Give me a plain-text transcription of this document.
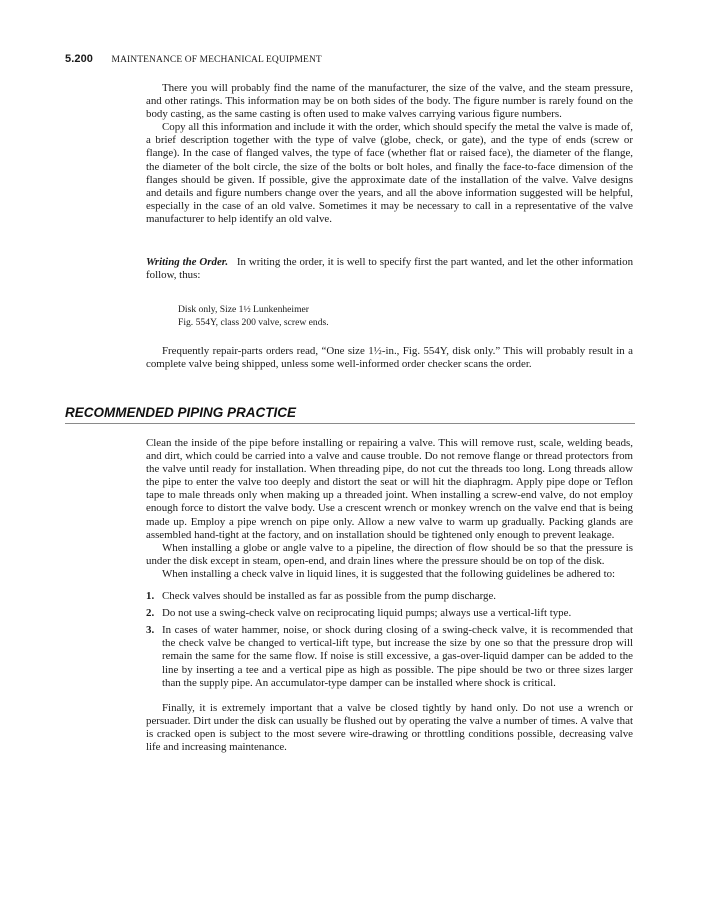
5.200 MAINTENANCE OF MECHANICAL EQUIPMENT

There you will probably find the name of the manufacturer, the size of the valve, and the steam pressure, and other ratings. This information may be on both sides of the body. The figure number is rarely found on the body casting, as the same casting is often used to make valves carrying various figure numbers.

Copy all this information and include it with the order, which should specify the metal the valve is made of, a brief description together with the type of valve (globe, check, or gate), and the type of ends (screw or flange). In the case of flanged valves, the type of face (whether flat or raised face), the diameter of the flange, the diameter of the bolt circle, the size of the bolts or bolt holes, and finally the face-to-face dimension of the flanges should be given. If possible, give the approximate date of the installation of the valve. Valve designs and details and figure numbers change over the years, and all the above information suggested will be helpful, especially in the case of an old valve. Sometimes it may be necessary to call in a representative of the valve manufacturer to help identify an old valve.

Writing the Order. In writing the order, it is well to specify first the part wanted, and let the other information follow, thus:

Disk only, Size 1½ Lunkenheimer
Fig. 554Y, class 200 valve, screw ends.

Frequently repair-parts orders read, “One size 1½-in., Fig. 554Y, disk only.” This will probably result in a complete valve being shipped, unless some well-informed order checker scans the order.

RECOMMENDED PIPING PRACTICE

Clean the inside of the pipe before installing or repairing a valve. This will remove rust, scale, welding beads, and dirt, which could be carried into a valve and cause trouble. Do not remove flange or thread protectors from the valve until ready for installation. When threading pipe, do not cut the threads too long. Long threads allow the pipe to enter the valve too deeply and distort the seat or will hit the diaphragm. Apply pipe dope or Teflon tape to male threads only when making up a threaded joint. When installing a screw-end valve, do not employ enough force to distort the valve body. Use a crescent wrench or monkey wrench on the valve end that is being made up. Employ a pipe wrench on pipe only. Allow a new valve to warm up gradually. Packing glands are assembled hand-tight at the factory, and on installation should be tightened only enough to prevent leakage.

When installing a globe or angle valve to a pipeline, the direction of flow should be so that the pressure is under the disk except in steam, open-end, and drain lines where the pressure should be on top of the disk.

When installing a check valve in liquid lines, it is suggested that the following guidelines be adhered to:

1. Check valves should be installed as far as possible from the pump discharge.
2. Do not use a swing-check valve on reciprocating liquid pumps; always use a vertical-lift type.
3. In cases of water hammer, noise, or shock during closing of a swing-check valve, it is recommended that the check valve be changed to vertical-lift type, but increase the size by one so that the pressure drop will remain the same for the same flow. If noise is still excessive, a gas-over-liquid damper can be added to the line by inserting a tee and a vertical pipe as high as possible. The pipe should be two or three sizes larger than the supply pipe. An accumulator-type damper can be installed where shock is critical.

Finally, it is extremely important that a valve be closed tightly by hand only. Do not use a wrench or persuader. Dirt under the disk can usually be flushed out by operating the valve a number of times. A valve that is cracked open is subject to the most severe wire-drawing or throttling conditions possible, decreasing valve life and increasing maintenance.
